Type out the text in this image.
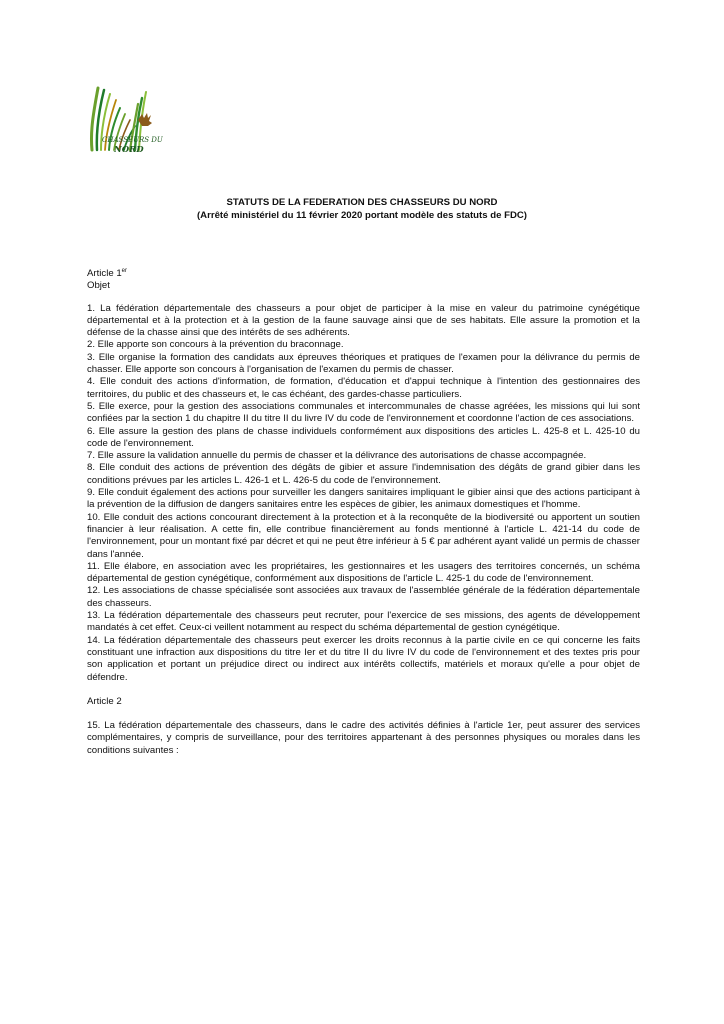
CHASSEURS DU
NORD
STATUTS DE LA FEDERATION DES CHASSEURS DU NORD
(Arrêté ministériel du 11 février 2020 portant modèle des statuts de FDC)
Article 1er
Objet

1. La fédération départementale des chasseurs a pour objet de participer à la mise en valeur du patrimoine cynégétique départemental et à la protection et à la gestion de la faune sauvage ainsi que de ses habitats. Elle assure la promotion et la défense de la chasse ainsi que des intérêts de ses adhérents.

2. Elle apporte son concours à la prévention du braconnage.

3. Elle organise la formation des candidats aux épreuves théoriques et pratiques de l'examen pour la délivrance du permis de chasser. Elle apporte son concours à l'organisation de l'examen du permis de chasser.

4. Elle conduit des actions d'information, de formation, d'éducation et d'appui technique à l'intention des gestionnaires des territoires, du public et des chasseurs et, le cas échéant, des gardes-chasse particuliers.

5. Elle exerce, pour la gestion des associations communales et intercommunales de chasse agréées, les missions qui lui sont confiées par la section 1 du chapitre II du titre II du livre IV du code de l'environnement et coordonne l'action de ces associations.

6. Elle assure la gestion des plans de chasse individuels conformément aux dispositions des articles L. 425-8 et L. 425-10 du code de l'environnement.

7. Elle assure la validation annuelle du permis de chasser et la délivrance des autorisations de chasse accompagnée.

8. Elle conduit des actions de prévention des dégâts de gibier et assure l'indemnisation des dégâts de grand gibier dans les conditions prévues par les articles L. 426-1 et L. 426-5 du code de l'environnement.

9. Elle conduit également des actions pour surveiller les dangers sanitaires impliquant le gibier ainsi que des actions participant à la prévention de la diffusion de dangers sanitaires entre les espèces de gibier, les animaux domestiques et l'homme.

10. Elle conduit des actions concourant directement à la protection et à la reconquête de la biodiversité ou apportent un soutien financier à leur réalisation. A cette fin, elle contribue financièrement au fonds mentionné à l'article L. 421-14 du code de l'environnement, pour un montant fixé par décret et qui ne peut être inférieur à 5 € par adhérent ayant validé un permis de chasser dans l'année.

11. Elle élabore, en association avec les propriétaires, les gestionnaires et les usagers des territoires concernés, un schéma départemental de gestion cynégétique, conformément aux dispositions de l'article L. 425-1 du code de l'environnement.

12. Les associations de chasse spécialisée sont associées aux travaux de l'assemblée générale de la fédération départementale des chasseurs.

13. La fédération départementale des chasseurs peut recruter, pour l'exercice de ses missions, des agents de développement mandatés à cet effet. Ceux-ci veillent notamment au respect du schéma départemental de gestion cynégétique.

14. La fédération départementale des chasseurs peut exercer les droits reconnus à la partie civile en ce qui concerne les faits constituant une infraction aux dispositions du titre Ier et du titre II du livre IV du code de l'environnement et des textes pris pour son application et portant un préjudice direct ou indirect aux intérêts collectifs, matériels et moraux qu'elle a pour objet de défendre.

Article 2

15. La fédération départementale des chasseurs, dans le cadre des activités définies à l'article 1er, peut assurer des services complémentaires, y compris de surveillance, pour des territoires appartenant à des personnes physiques ou morales dans les conditions suivantes :
